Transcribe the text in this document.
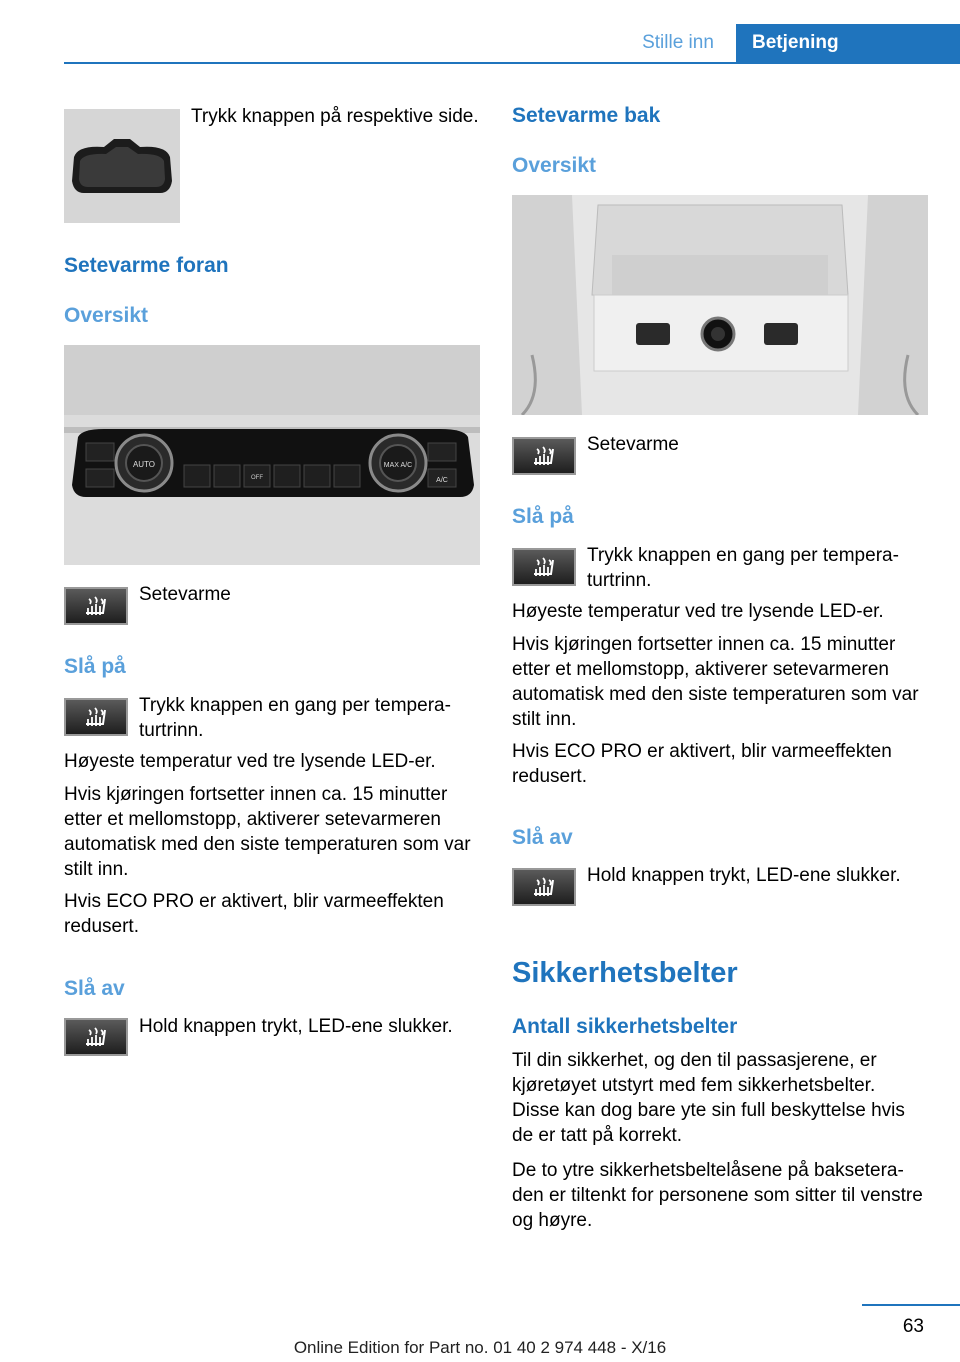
Stille inn	Betjening
Trykk knappen på respektive side.
Setevarme foran
Oversikt
AUTO	MAX A/C
A/C
OFF
Setevarme
Slå på
Trykk knappen en gang per temperaturtrinn.
Høyeste temperatur ved tre lysende LED-er.
Hvis kjøringen fortsetter innen ca. 15 minutter etter et mellomstopp, aktiverer setevarmeren automatisk med den siste temperaturen som var stilt inn.
Hvis ECO PRO er aktivert, blir varmeeffekten redusert.
Slå av
Hold knappen trykt, LED-ene slukker.
Setevarme bak
Oversikt
Setevarme
Slå på
Trykk knappen en gang per temperaturtrinn.
Høyeste temperatur ved tre lysende LED-er.
Hvis kjøringen fortsetter innen ca. 15 minutter etter et mellomstopp, aktiverer setevarmeren automatisk med den siste temperaturen som var stilt inn.
Hvis ECO PRO er aktivert, blir varmeeffekten redusert.
Slå av
Hold knappen trykt, LED-ene slukker.
Sikkerhetsbelter
Antall sikkerhetsbelter
Til din sikkerhet, og den til passasjerene, er kjøretøyet utstyrt med fem sikkerhetsbelter. Disse kan dog bare yte sin full beskyttelse hvis de er tatt på korrekt.
De to ytre sikkerhetsbeltelåsene på bakseteraden er tiltenkt for personene som sitter til venstre og høyre.
63
Online Edition for Part no. 01 40 2 974 448 - X/16
